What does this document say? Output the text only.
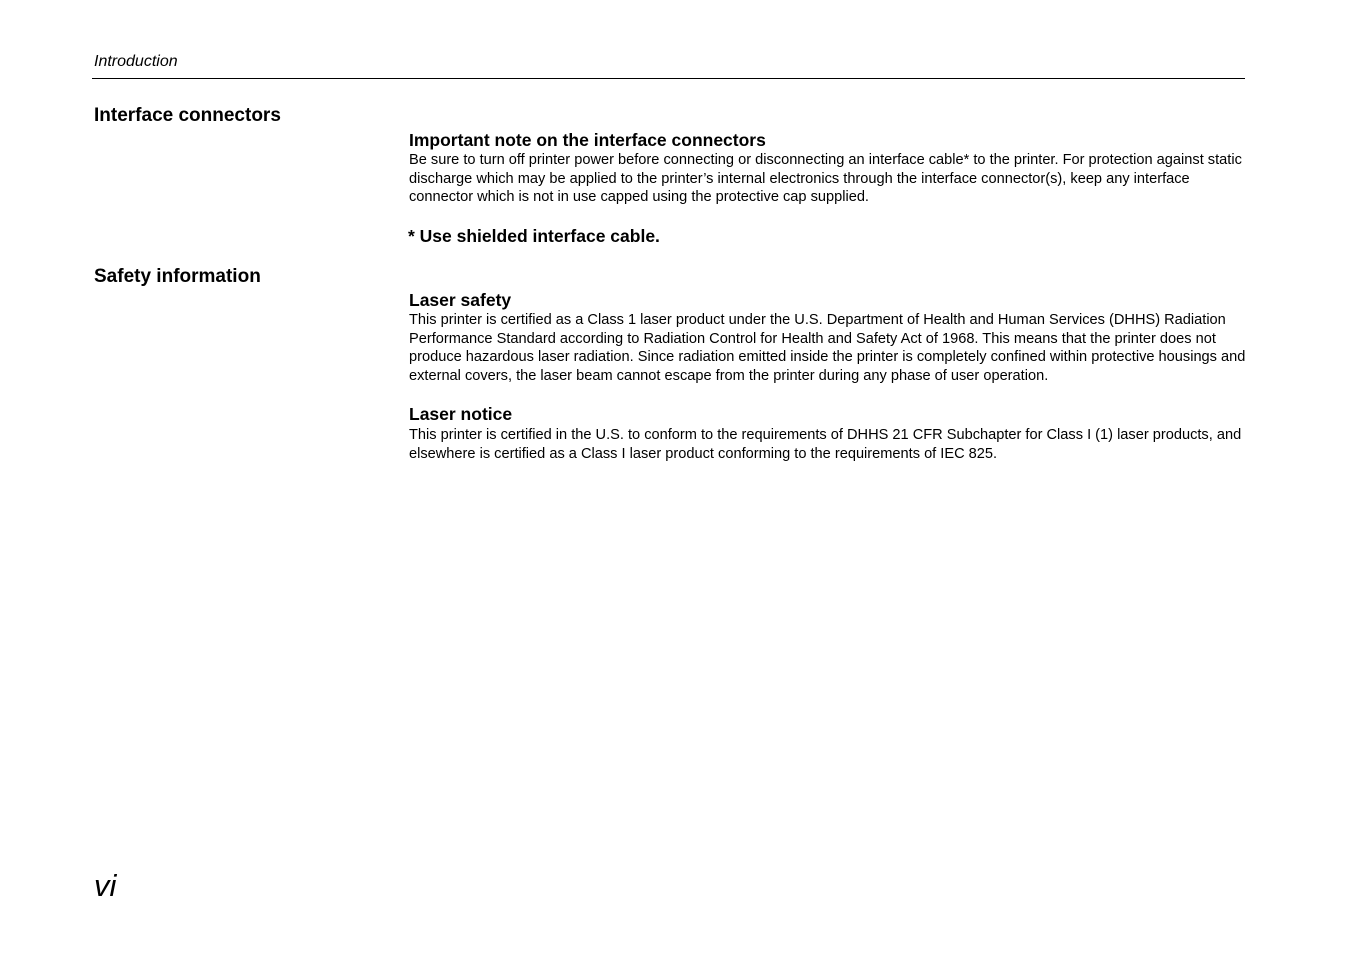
Introduction
Interface connectors
Important note on the interface connectors

Be sure to turn off printer power before connecting or disconnecting an interface cable* to the printer. For protection against static discharge which may be applied to the printer’s internal electronics through the interface connector(s), keep any interface connector which is not in use capped using the protective cap supplied.

* Use shielded interface cable.

Safety information
Laser safety

This printer is certified as a Class 1 laser product under the U.S. Department of Health and Human Services (DHHS) Radiation Performance Standard according to Radiation Control for Health and Safety Act of 1968. This means that the printer does not produce hazardous laser radiation. Since radiation emitted inside the printer is completely confined within protective housings and external covers, the laser beam cannot escape from the printer during any phase of user operation.

Laser notice

This printer is certified in the U.S. to conform to the requirements of DHHS 21 CFR Subchapter for Class I (1) laser products, and elsewhere is certified as a Class I laser product conforming to the requirements of IEC 825.

vi
